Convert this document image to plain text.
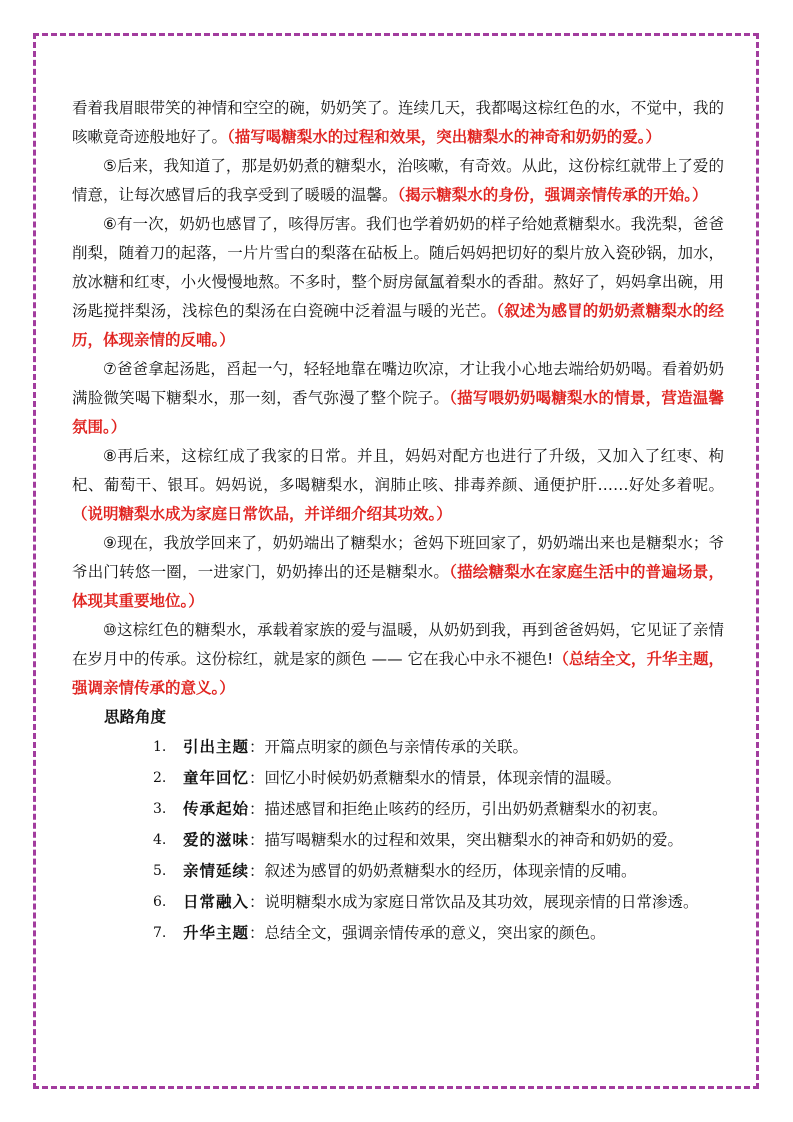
看着我眉眼带笑的神情和空空的碗，奶奶笑了。连续几天，我都喝这棕红色的水，不觉中，我的咳嗽竟奇迹般地好了。（描写喝糖梨水的过程和效果，突出糖梨水的神奇和奶奶的爱。）

⑤后来，我知道了，那是奶奶煮的糖梨水，治咳嗽，有奇效。从此，这份棕红就带上了爱的情意，让每次感冒后的我享受到了暖暖的温馨。（揭示糖梨水的身份，强调亲情传承的开始。）

⑥有一次，奶奶也感冒了，咳得厉害。我们也学着奶奶的样子给她煮糖梨水。我洗梨，爸爸削梨，随着刀的起落，一片片雪白的梨落在砧板上。随后妈妈把切好的梨片放入瓷砂锅，加水，放冰糖和红枣，小火慢慢地熬。不多时，整个厨房氤氲着梨水的香甜。熬好了，妈妈拿出碗，用汤匙搅拌梨汤，浅棕色的梨汤在白瓷碗中泛着温与暖的光芒。（叙述为感冒的奶奶煮糖梨水的经历，体现亲情的反哺。）

⑦爸爸拿起汤匙，舀起一勺，轻轻地靠在嘴边吹凉，才让我小心地去端给奶奶喝。看着奶奶满脸微笑喝下糖梨水，那一刻，香气弥漫了整个院子。（描写喂奶奶喝糖梨水的情景，营造温馨氛围。）

⑧再后来，这棕红成了我家的日常。并且，妈妈对配方也进行了升级，又加入了红枣、枸杞、葡萄干、银耳。妈妈说，多喝糖梨水，润肺止咳、排毒养颜、通便护肝……好处多着呢。（说明糖梨水成为家庭日常饮品，并详细介绍其功效。）

⑨现在，我放学回来了，奶奶端出了糖梨水；爸妈下班回家了，奶奶端出来也是糖梨水；爷爷出门转悠一圈，一进家门，奶奶捧出的还是糖梨水。（描绘糖梨水在家庭生活中的普遍场景，体现其重要地位。）

⑩这棕红色的糖梨水，承载着家族的爱与温暖，从奶奶到我，再到爸爸妈妈，它见证了亲情在岁月中的传承。这份棕红，就是家的颜色 —— 它在我心中永不褪色!（总结全文，升华主题，强调亲情传承的意义。）

思路角度

1. 引出主题：开篇点明家的颜色与亲情传承的关联。
2. 童年回忆：回忆小时候奶奶煮糖梨水的情景，体现亲情的温暖。
3. 传承起始：描述感冒和拒绝止咳药的经历，引出奶奶煮糖梨水的初衷。
4. 爱的滋味：描写喝糖梨水的过程和效果，突出糖梨水的神奇和奶奶的爱。
5. 亲情延续：叙述为感冒的奶奶煮糖梨水的经历，体现亲情的反哺。
6. 日常融入：说明糖梨水成为家庭日常饮品及其功效，展现亲情的日常渗透。
7. 升华主题：总结全文，强调亲情传承的意义，突出家的颜色。
